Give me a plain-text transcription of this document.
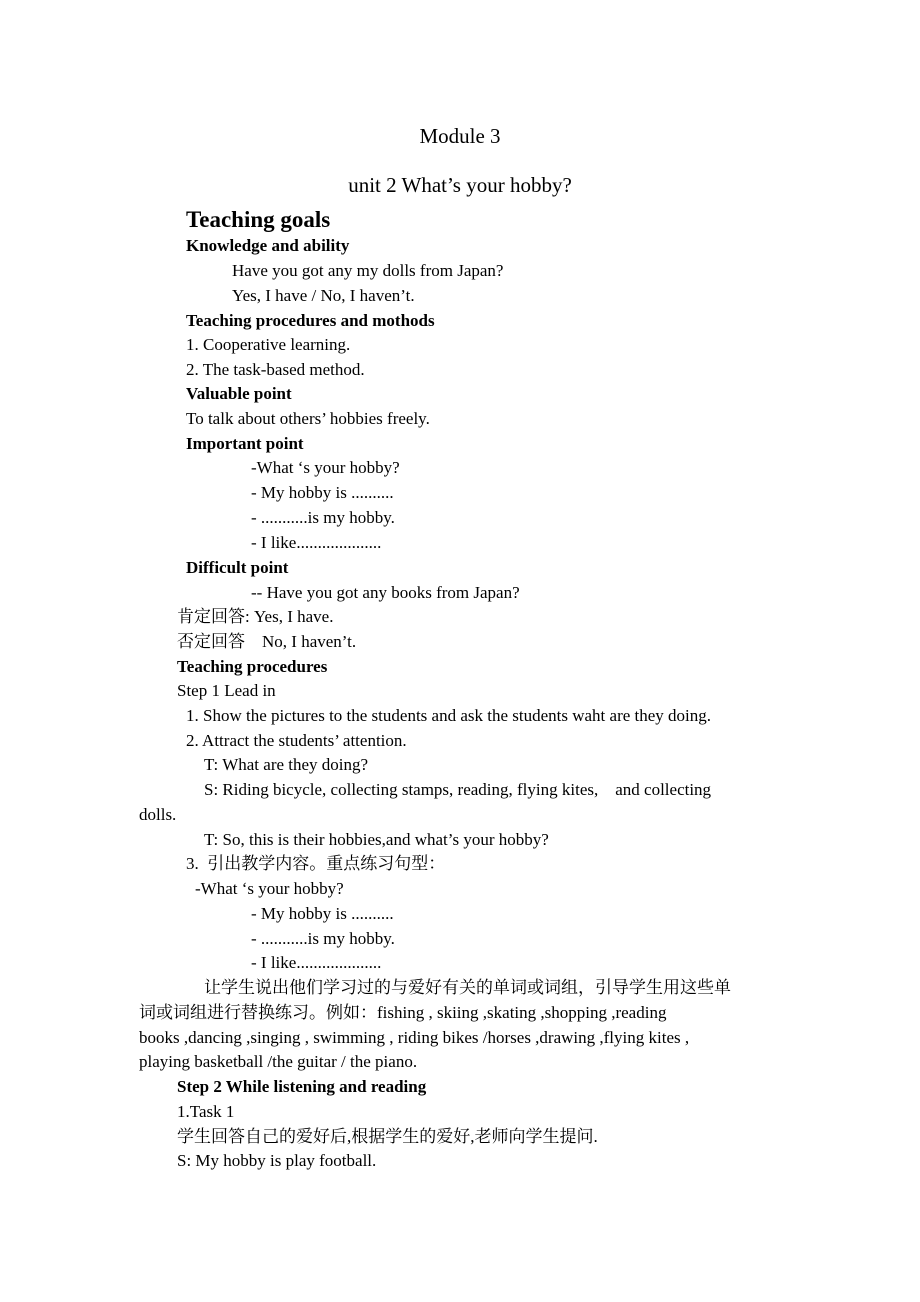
Module 3
unit 2 What’s your hobby?
Teaching goals
Knowledge and ability
Have you got any my dolls from Japan?
Yes, I have / No, I haven’t.
Teaching procedures and mothods
1. Cooperative learning.
2. The task-based method.
Valuable point
To talk about others’ hobbies freely.
Important point
-What ‘s your hobby?
- My hobby is ..........
- ...........is my hobby.
- I like....................
Difficult point
-- Have you got any books from Japan?
肯定回答: Yes, I have.
否定回答    No, I haven’t.
Teaching procedures
Step 1 Lead in
1. Show the pictures to the students and ask the students waht are they doing.
2. Attract the students’ attention.
T: What are they doing?
S: Riding bicycle, collecting stamps, reading, flying kites,    and collecting
dolls.
T: So, this is their hobbies,and what’s your hobby?
3.  引出教学内容。重点练习句型：
-What ‘s your hobby?
- My hobby is ..........
- ...........is my hobby.
- I like....................
让学生说出他们学习过的与爱好有关的单词或词组，引导学生用这些单
词或词组进行替换练习。例如：fishing , skiing ,skating ,shopping ,reading
books ,dancing ,singing , swimming , riding bikes /horses ,drawing ,flying kites ,
playing basketball /the guitar / the piano.
Step 2 While listening and reading
1.Task 1
学生回答自己的爱好后,根据学生的爱好,老师向学生提问.
S: My hobby is play football.
